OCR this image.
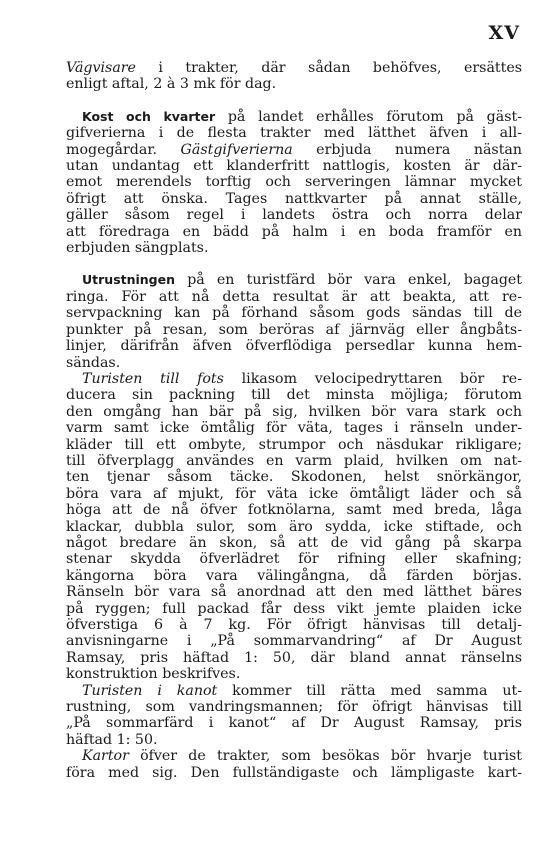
XV
Vägvisare i trakter, där sådan behöfves, ersättes
enligt aftal, 2 à 3 mk för dag.
Kost och kvarter på landet erhålles förutom på gäst-
gifverierna i de flesta trakter med lätthet äfven i all-
mogegårdar. Gästgifverierna erbjuda numera nästan
utan undantag ett klanderfritt nattlogis, kosten är där-
emot merendels torftig och serveringen lämnar mycket
öfrigt att önska. Tages nattkvarter på annat ställe,
gäller såsom regel i landets östra och norra delar
att föredraga en bädd på halm i en boda framför en
erbjuden sängplats.
Utrustningen på en turistfärd bör vara enkel, bagaget
ringa. För att nå detta resultat är att beakta, att re-
servpackning kan på förhand såsom gods sändas till de
punkter på resan, som beröras af järnväg eller ångbåts-
linjer, därifrån äfven öfverflödiga persedlar kunna hem-
sändas.
Turisten till fots likasom velocipedryttaren bör re-
ducera sin packning till det minsta möjliga; förutom
den omgång han bär på sig, hvilken bör vara stark och
varm samt icke ömtålig för väta, tages i ränseln under-
kläder till ett ombyte, strumpor och näsdukar rikligare;
till öfverplagg användes en varm plaid, hvilken om nat-
ten tjenar såsom täcke. Skodonen, helst snörkängor,
böra vara af mjukt, för väta icke ömtåligt läder och så
höga att de nå öfver fotknölarna, samt med breda, låga
klackar, dubbla sulor, som äro sydda, icke stiftade, och
något bredare än skon, så att de vid gång på skarpa
stenar skydda öfverlädret för rifning eller skafning;
kängorna böra vara välingångna, då färden börjas.
Ränseln bör vara så anordnad att den med lätthet bäres
på ryggen; full packad får dess vikt jemte plaiden icke
öfverstiga 6 à 7 kg. För öfrigt hänvisas till detalj-
anvisningarne i „På sommarvandring“ af Dr August
Ramsay, pris häftad 1: 50, där bland annat ränselns
konstruktion beskrifves.
Turisten i kanot kommer till rätta med samma ut-
rustning, som vandringsmannen; för öfrigt hänvisas till
„På sommarfärd i kanot“ af Dr August Ramsay, pris
häftad 1: 50.
Kartor öfver de trakter, som besökas bör hvarje turist
föra med sig. Den fullständigaste och lämpligaste kart-
